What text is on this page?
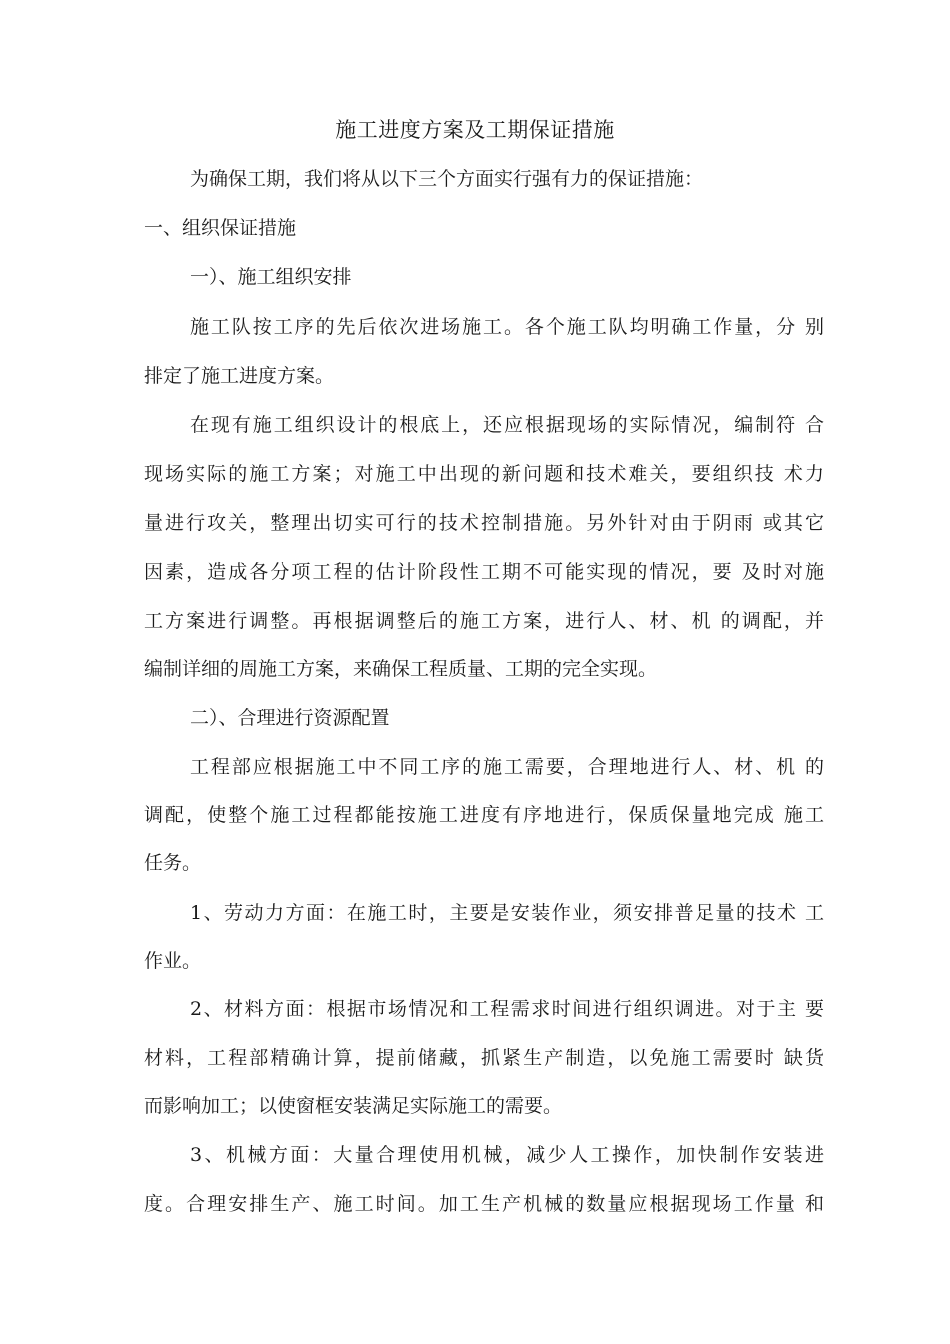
施工进度方案及工期保证措施
为确保工期，我们将从以下三个方面实行强有力的保证措施：
一、组织保证措施
一）、施工组织安排
施工队按工序的先后依次进场施工。各个施工队均明确工作量，分 别
排定了施工进度方案。
在现有施工组织设计的根底上，还应根据现场的实际情况，编制符 合
现场实际的施工方案；对施工中出现的新问题和技术难关，要组织技 术力
量进行攻关，整理出切实可行的技术控制措施。另外针对由于阴雨 或其它
因素，造成各分项工程的估计阶段性工期不可能实现的情况，要 及时对施
工方案进行调整。再根据调整后的施工方案，进行人、材、机 的调配，并
编制详细的周施工方案，来确保工程质量、工期的完全实现。
二）、合理进行资源配置
工程部应根据施工中不同工序的施工需要，合理地进行人、材、机 的
调配，使整个施工过程都能按施工进度有序地进行，保质保量地完成 施工
任务。
1、劳动力方面：在施工时，主要是安装作业，须安排普足量的技术 工
作业。
2、材料方面：根据市场情况和工程需求时间进行组织调进。对于主 要
材料，工程部精确计算，提前储藏，抓紧生产制造，以免施工需要时 缺货
而影响加工；以使窗框安装满足实际施工的需要。
3、机械方面：大量合理使用机械，减少人工操作，加快制作安装进
度。合理安排生产、施工时间。加工生产机械的数量应根据现场工作量 和
